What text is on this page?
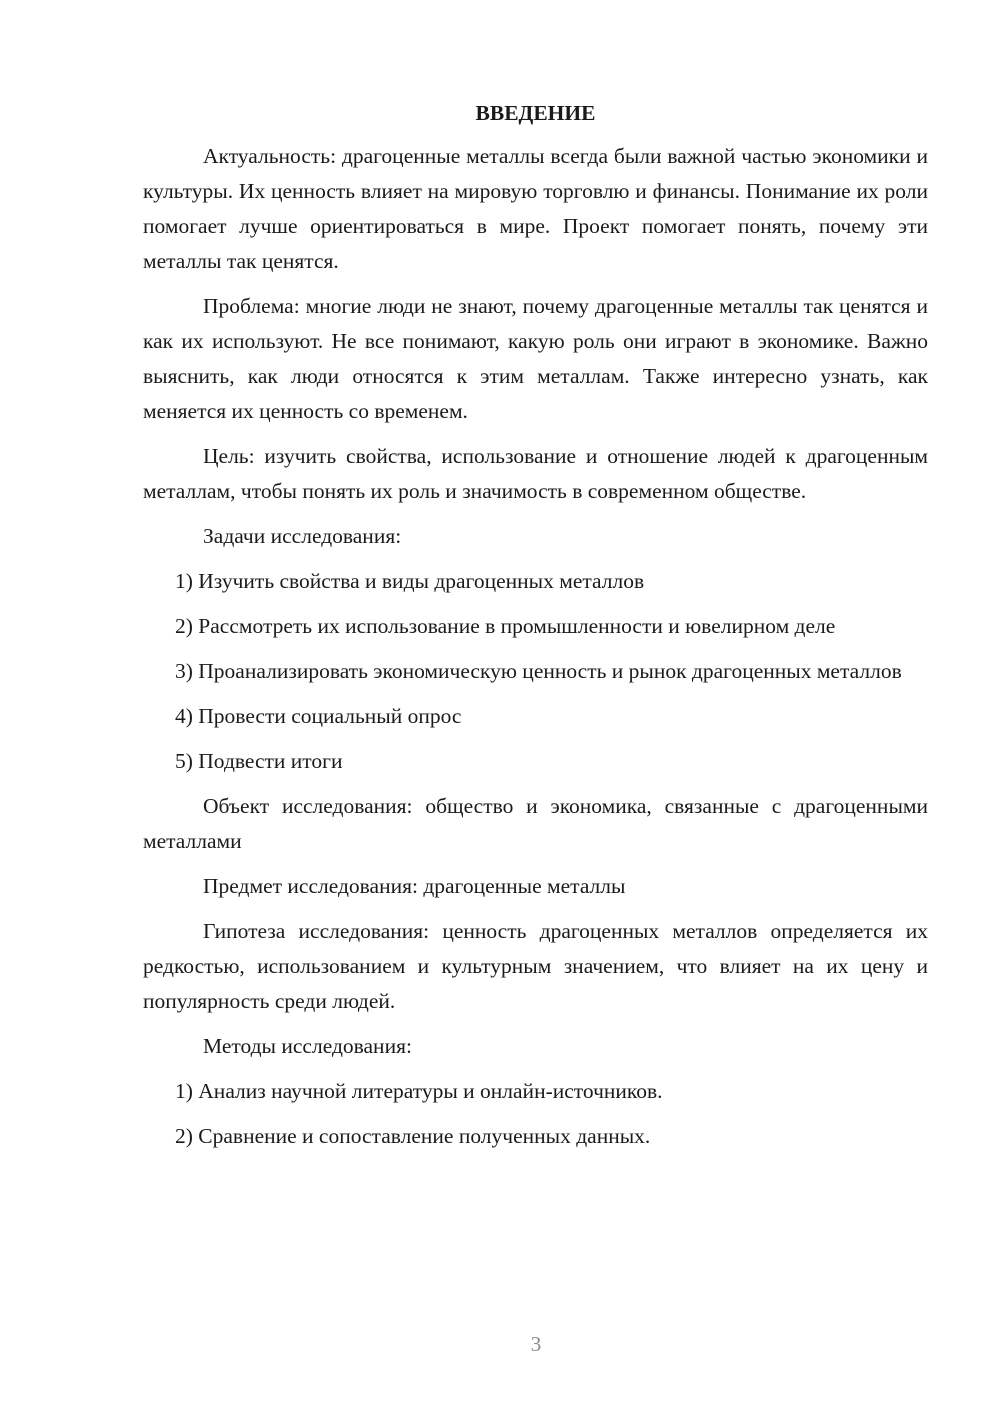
ВВЕДЕНИЕ

Актуальность: драгоценные металлы всегда были важной частью экономики и культуры. Их ценность влияет на мировую торговлю и финансы. Понимание их роли помогает лучше ориентироваться в мире. Проект помогает понять, почему эти металлы так ценятся.

Проблема: многие люди не знают, почему драгоценные металлы так ценятся и как их используют. Не все понимают, какую роль они играют в экономике. Важно выяснить, как люди относятся к этим металлам. Также интересно узнать, как меняется их ценность со временем.

Цель: изучить свойства, использование и отношение людей к драгоценным металлам, чтобы понять их роль и значимость в современном обществе.

Задачи исследования:

1) Изучить свойства и виды драгоценных металлов

2) Рассмотреть их использование в промышленности и ювелирном деле

3) Проанализировать экономическую ценность и рынок драгоценных металлов

4) Провести социальный опрос

5) Подвести итоги

Объект исследования: общество и экономика, связанные с драгоценными металлами

Предмет исследования: драгоценные металлы

Гипотеза исследования: ценность драгоценных металлов определяется их редкостью, использованием и культурным значением, что влияет на их цену и популярность среди людей.

Методы исследования:

1) Анализ научной литературы и онлайн-источников.

2) Сравнение и сопоставление полученных данных.

3
